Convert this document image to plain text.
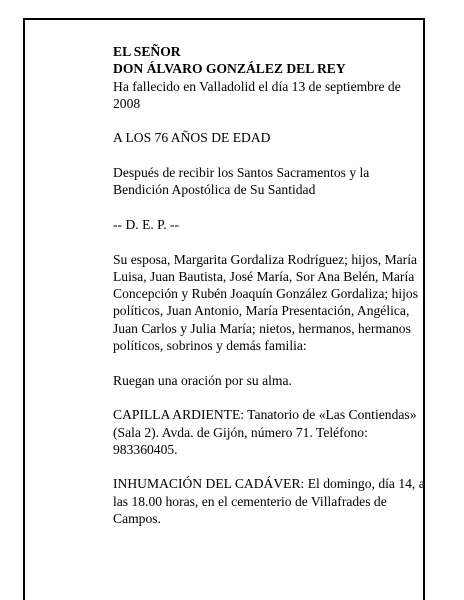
EL SEÑOR

DON ÁLVARO GONZÁLEZ DEL REY

Ha fallecido en Valladolid el día 13 de septiembre de 2008

A LOS 76 AÑOS DE EDAD

Después de recibir los Santos Sacramentos y la Bendición Apostólica de Su Santidad

-- D. E. P. --

Su esposa, Margarita Gordaliza Rodríguez; hijos, María Luisa, Juan Bautista, José María, Sor Ana Belén, María Concepción y Rubén Joaquín González Gordaliza; hijos políticos, Juan Antonio, María Presentación, Angélica, Juan Carlos y Julia María; nietos, hermanos, hermanos políticos, sobrinos y demás familia:

Ruegan una oración por su alma.

CAPILLA ARDIENTE: Tanatorio de «Las Contiendas» (Sala 2). Avda. de Gijón, número 71. Teléfono: 983360405.

INHUMACIÓN DEL CADÁVER: El domingo, día 14, a las 18.00 horas, en el cementerio de Villafrades de Campos.
